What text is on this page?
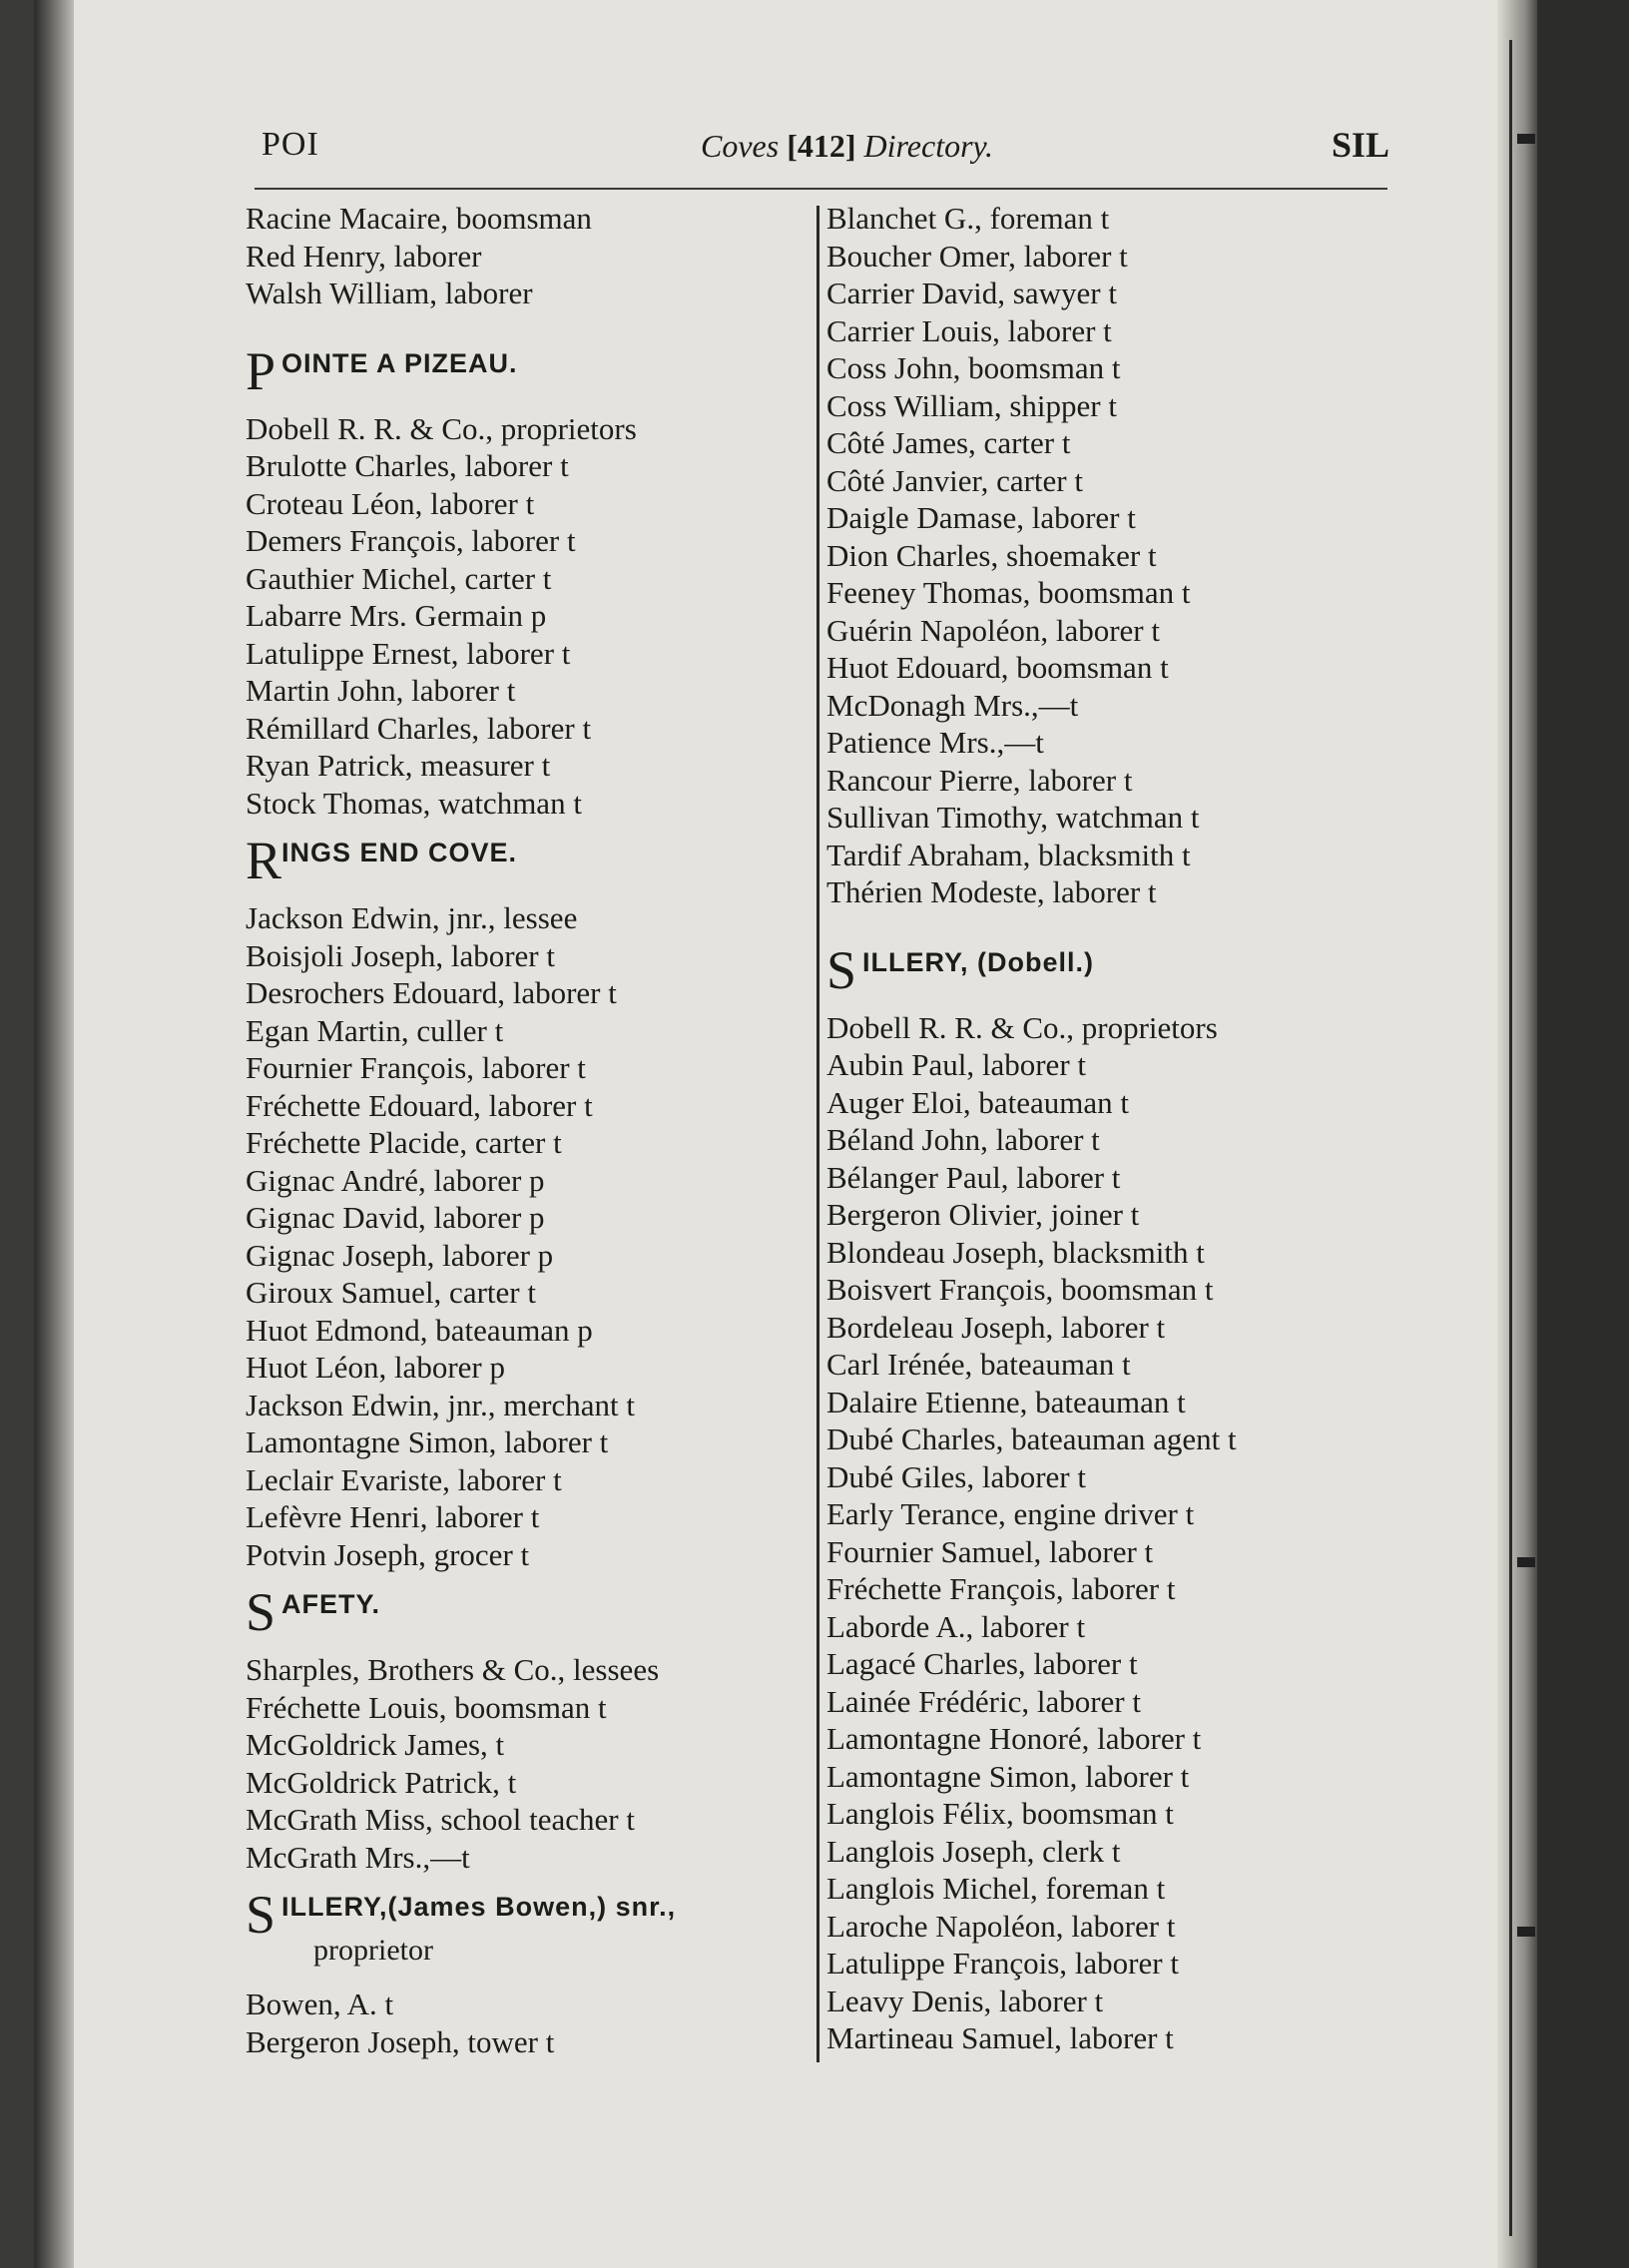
POI	Coves [412] Directory.	SIL
Racine Macaire, boomsman
Red Henry, laborer
Walsh William, laborer
P OINTE A PIZEAU.
Dobell R. R. & Co., proprietors
Brulotte Charles, laborer t
Croteau Léon, laborer t
Demers François, laborer t
Gauthier Michel, carter t
Labarre Mrs. Germain p
Latulippe Ernest, laborer t
Martin John, laborer t
Rémillard Charles, laborer t
Ryan Patrick, measurer t
Stock Thomas, watchman t
R INGS END COVE.
Jackson Edwin, jnr., lessee
Boisjoli Joseph, laborer t
Desrochers Edouard, laborer t
Egan Martin, culler t
Fournier François, laborer t
Fréchette Edouard, laborer t
Fréchette Placide, carter t
Gignac André, laborer p
Gignac David, laborer p
Gignac Joseph, laborer p
Giroux Samuel, carter t
Huot Edmond, bateauman p
Huot Léon, laborer p
Jackson Edwin, jnr., merchant t
Lamontagne Simon, laborer t
Leclair Evariste, laborer t
Lefèvre Henri, laborer t
Potvin Joseph, grocer t
S AFETY.
Sharples, Brothers & Co., lessees
Fréchette Louis, boomsman t
McGoldrick James, t
McGoldrick Patrick, t
McGrath Miss, school teacher t
McGrath Mrs.,—t
S ILLERY,(James Bowen,) snr.,
proprietor
Bowen, A. t
Bergeron Joseph, tower t
Blanchet G., foreman t
Boucher Omer, laborer t
Carrier David, sawyer t
Carrier Louis, laborer t
Coss John, boomsman t
Coss William, shipper t
Côté James, carter t
Côté Janvier, carter t
Daigle Damase, laborer t
Dion Charles, shoemaker t
Feeney Thomas, boomsman t
Guérin Napoléon, laborer t
Huot Edouard, boomsman t
McDonagh Mrs.,—t
Patience Mrs.,—t
Rancour Pierre, laborer t
Sullivan Timothy, watchman t
Tardif Abraham, blacksmith t
Thérien Modeste, laborer t
S ILLERY, (Dobell.)
Dobell R. R. & Co., proprietors
Aubin Paul, laborer t
Auger Eloi, bateauman t
Béland John, laborer t
Bélanger Paul, laborer t
Bergeron Olivier, joiner t
Blondeau Joseph, blacksmith t
Boisvert François, boomsman t
Bordeleau Joseph, laborer t
Carl Irénée, bateauman t
Dalaire Etienne, bateauman t
Dubé Charles, bateauman agent t
Dubé Giles, laborer t
Early Terance, engine driver t
Fournier Samuel, laborer t
Fréchette François, laborer t
Laborde A., laborer t
Lagacé Charles, laborer t
Lainée Frédéric, laborer t
Lamontagne Honoré, laborer t
Lamontagne Simon, laborer t
Langlois Félix, boomsman t
Langlois Joseph, clerk t
Langlois Michel, foreman t
Laroche Napoléon, laborer t
Latulippe François, laborer t
Leavy Denis, laborer t
Martineau Samuel, laborer t
